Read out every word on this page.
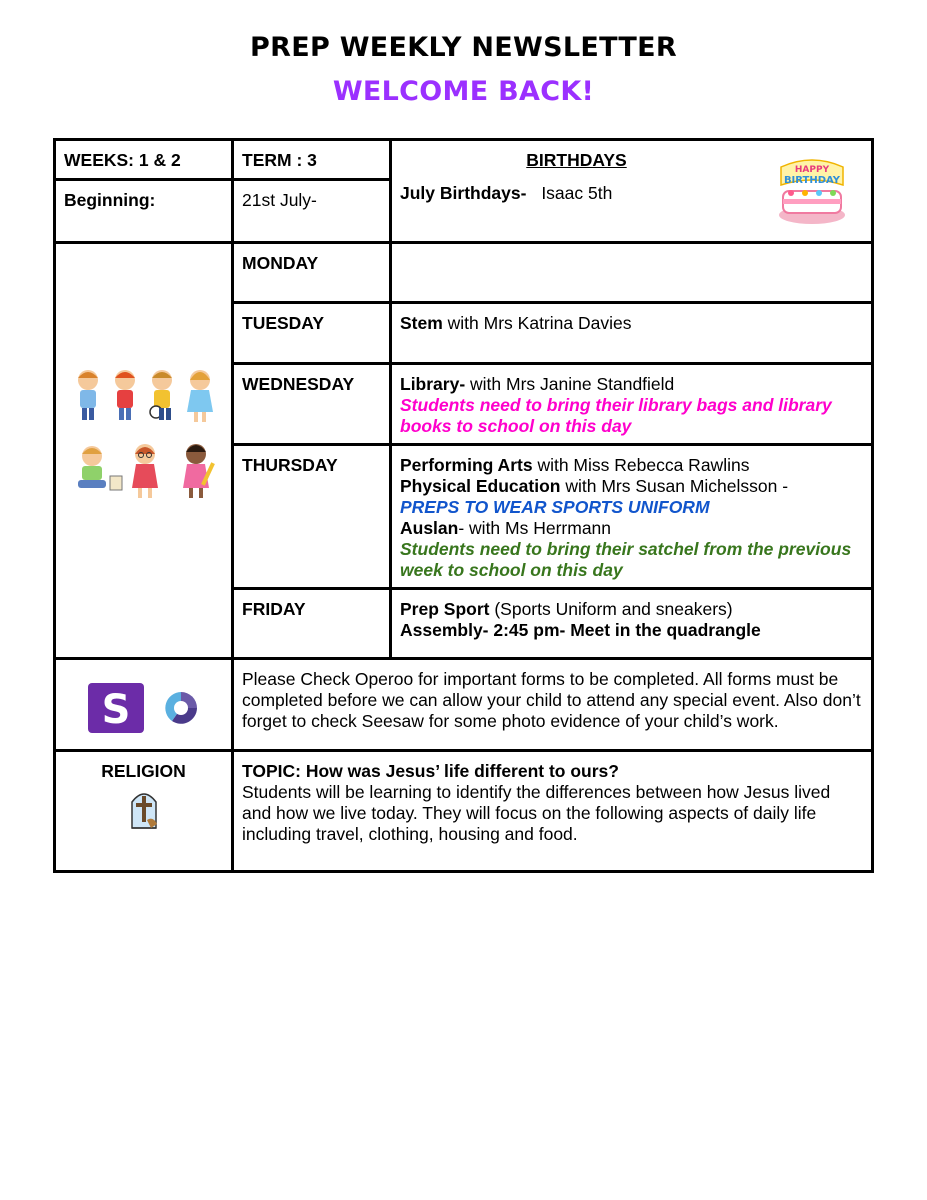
PREP WEEKLY NEWSLETTER
WELCOME BACK!
WEEKS: 1 & 2	TERM : 3	BIRTHDAYS
July Birthdays- Isaac 5th
HAPPY
BIRTHDAY

Beginning:	21st July-	

	MONDAY	
	TUESDAY	Stem with Mrs Katrina Davies
	WEDNESDAY	Library- with Mrs Janine Standfield
Students need to bring their library bags and library books to school on this day

	THURSDAY	Performing Arts with Miss Rebecca Rawlins
Physical Education with Mrs Susan Michelsson -
PREPS TO WEAR SPORTS UNIFORM
Auslan- with Ms Herrmann
Students need to bring their satchel from the previous week to school on this day

	FRIDAY	Prep Sport (Sports Uniform and sneakers)
Assembly- 2:45 pm- Meet in the quadrangle

S	Please Check Operoo for important forms to be completed. All forms must be completed before we can allow your child to attend any special event. Also don’t forget to check Seesaw for some photo evidence of your child’s work.	

RELIGION	TOPIC: How was Jesus’ life different to ours?
Students will be learning to identify the differences between how Jesus lived and how we live today. They will focus on the following aspects of daily life including travel, clothing, housing and food.	
